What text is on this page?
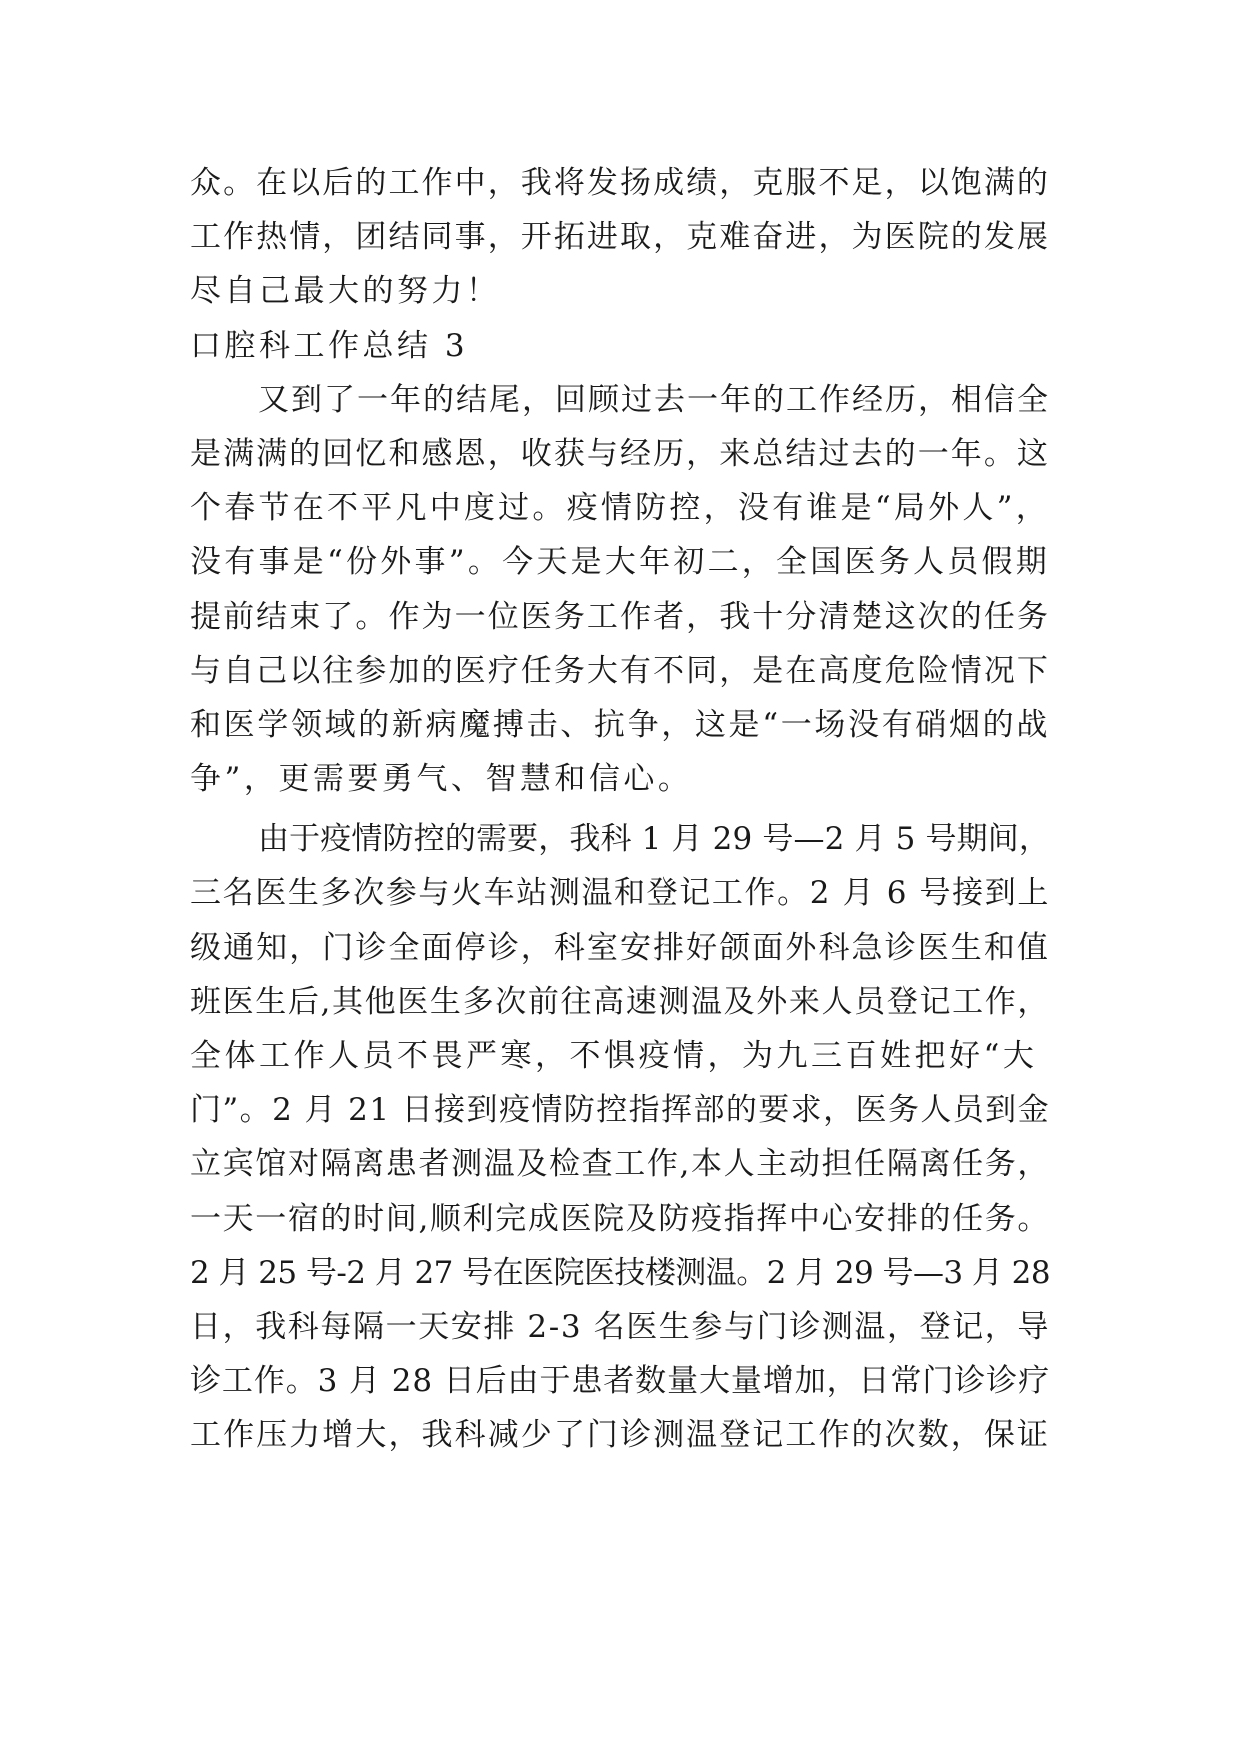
众。在以后的工作中，我将发扬成绩，克服不足，以饱满的
工作热情，团结同事，开拓进取，克难奋进，为医院的发展
尽自己最大的努力！
口腔科工作总结 3
又到了一年的结尾，回顾过去一年的工作经历，相信全
是满满的回忆和感恩，收获与经历，来总结过去的一年。这
个春节在不平凡中度过。疫情防控，没有谁是“局外人”，
没有事是“份外事”。今天是大年初二，全国医务人员假期
提前结束了。作为一位医务工作者，我十分清楚这次的任务
与自己以往参加的医疗任务大有不同，是在高度危险情况下
和医学领域的新病魔搏击、抗争，这是“一场没有硝烟的战
争”，更需要勇气、智慧和信心。
由于疫情防控的需要，我科 1 月 29 号—2 月 5 号期间，
三名医生多次参与火车站测温和登记工作。2 月 6 号接到上
级通知，门诊全面停诊，科室安排好颌面外科急诊医生和值
班医生后,其他医生多次前往高速测温及外来人员登记工作，
全体工作人员不畏严寒，不惧疫情，为九三百姓把好“大
门”。2 月 21 日接到疫情防控指挥部的要求，医务人员到金
立宾馆对隔离患者测温及检查工作,本人主动担任隔离任务，
一天一宿的时间,顺利完成医院及防疫指挥中心安排的任务。
2 月 25 号-2 月 27 号在医院医技楼测温。2 月 29 号—3 月 28
日，我科每隔一天安排 2-3 名医生参与门诊测温，登记，导
诊工作。3 月 28 日后由于患者数量大量增加，日常门诊诊疗
工作压力增大，我科减少了门诊测温登记工作的次数，保证
